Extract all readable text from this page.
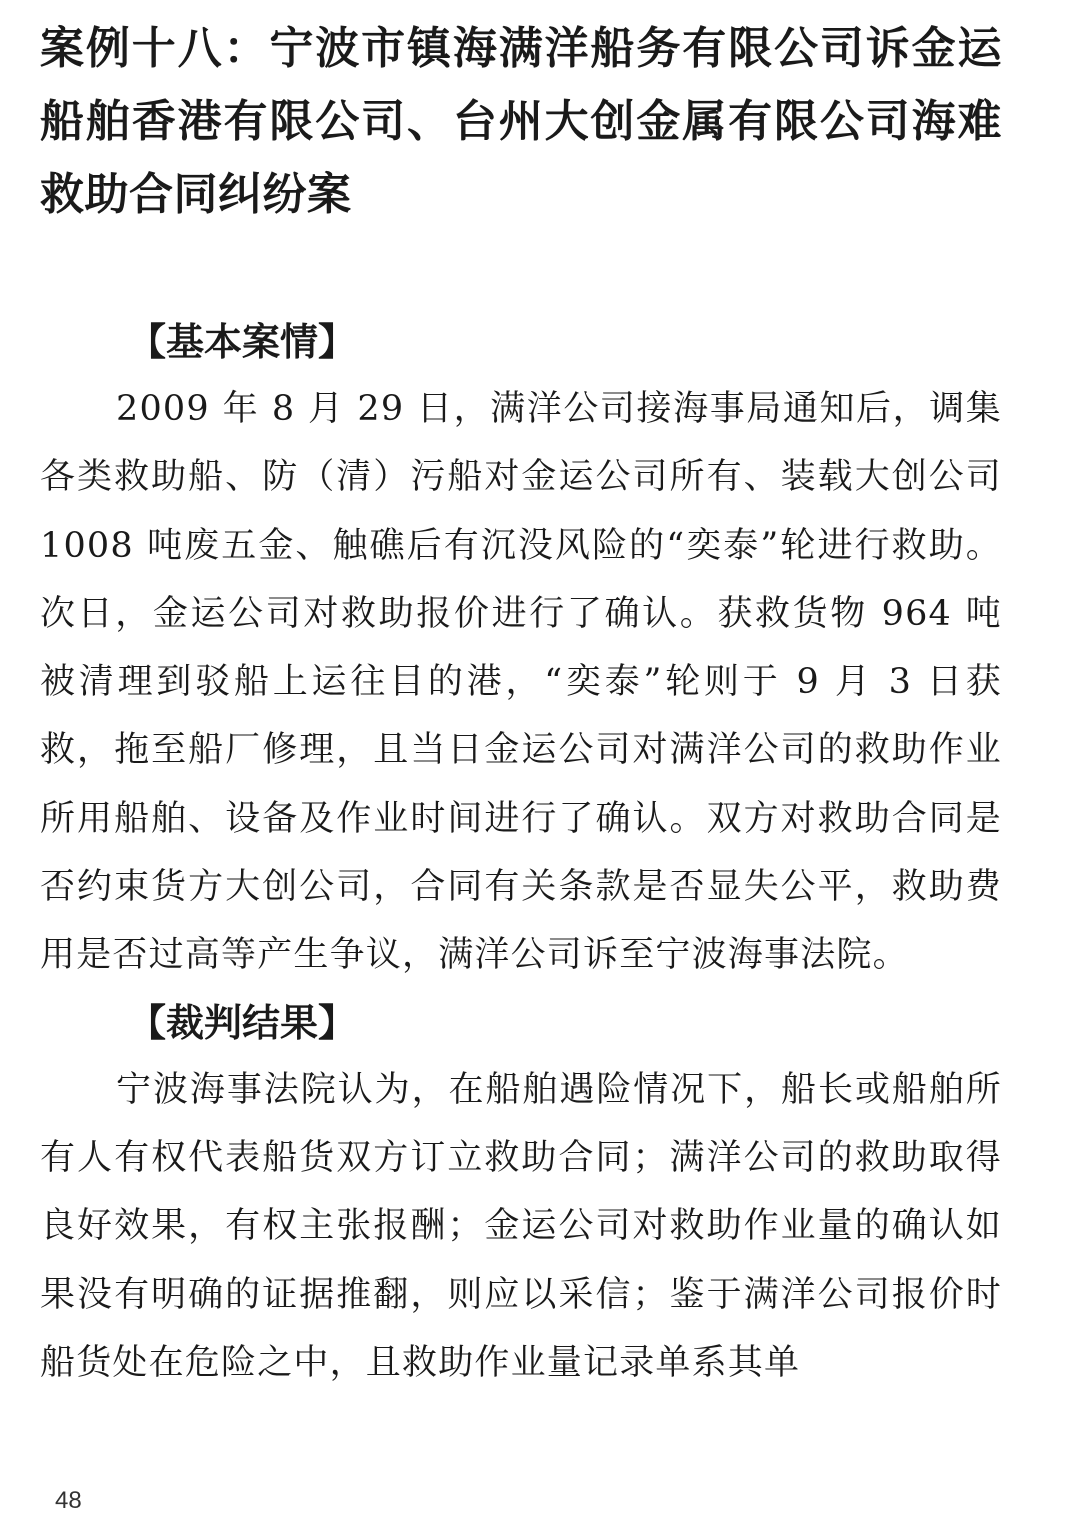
案例十八：宁波市镇海满洋船务有限公司诉金运船舶香港有限公司、台州大创金属有限公司海难救助合同纠纷案
【基本案情】

2009 年 8 月 29 日，满洋公司接海事局通知后，调集各类救助船、防（清）污船对金运公司所有、装载大创公司 1008 吨废五金、触礁后有沉没风险的“奕泰”轮进行救助。次日，金运公司对救助报价进行了确认。获救货物 964 吨被清理到驳船上运往目的港，“奕泰”轮则于 9 月 3 日获救，拖至船厂修理，且当日金运公司对满洋公司的救助作业所用船舶、设备及作业时间进行了确认。双方对救助合同是否约束货方大创公司，合同有关条款是否显失公平，救助费用是否过高等产生争议，满洋公司诉至宁波海事法院。

【裁判结果】

宁波海事法院认为，在船舶遇险情况下，船长或船舶所有人有权代表船货双方订立救助合同；满洋公司的救助取得良好效果，有权主张报酬；金运公司对救助作业量的确认如果没有明确的证据推翻，则应以采信；鉴于满洋公司报价时船货处在危险之中，且救助作业量记录单系其单

48
